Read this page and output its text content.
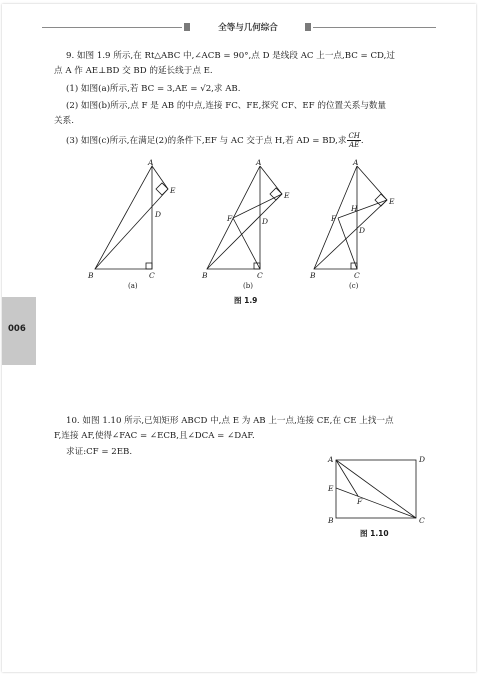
全等与几何综合
9. 如图 1.9 所示,在 Rt△ABC 中,∠ACB = 90°,点 D 是线段 AC 上一点,BC = CD,过
点 A 作 AE⊥BD 交 BD 的延长线于点 E.
(1) 如图(a)所示,若 BC = 3,AE = √2,求 AB.
(2) 如图(b)所示,点 F 是 AB 的中点,连接 FC、FE,探究 CF、EF 的位置关系与数量
关系.
(3) 如图(c)所示,在满足(2)的条件下,EF 与 AC 交于点 H,若 AD = BD,求 $\frac{CH}{AE}$ .
A
E
D
B	C
A
E
F	D
B	C
A
E
H
F
D
B	C
(a)	(b)	(c)
图 1.9
10. 如图 1.10 所示,已知矩形 ABCD 中,点 E 为 AB 上一点,连接 CE,在 CE 上找一点
F,连接 AF,使得∠FAC = ∠ECB,且∠DCA = ∠DAF.
求证:CF = 2EB.
A	D
E
F
B	C
图 1.10
006
